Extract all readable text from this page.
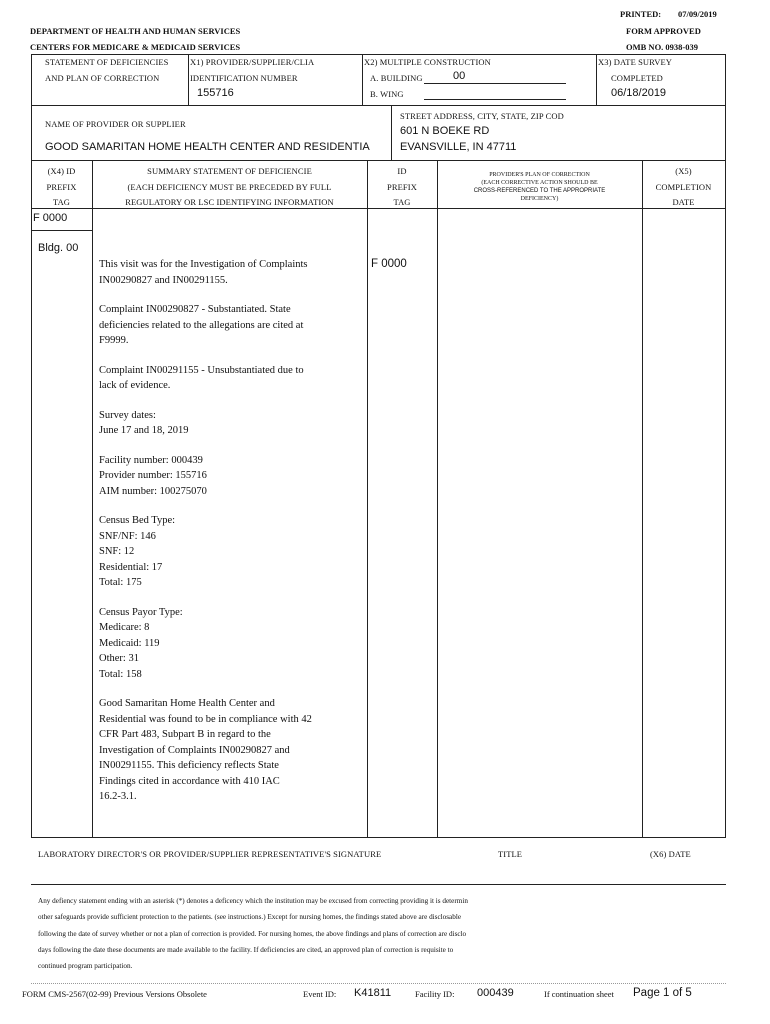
PRINTED: 07/09/2019
FORM APPROVED
OMB NO. 0938-039
DEPARTMENT OF HEALTH AND HUMAN SERVICES
CENTERS FOR MEDICARE & MEDICAID SERVICES
STATEMENT OF DEFICIENCIES
AND PLAN OF CORRECTION
X1) PROVIDER/SUPPLIER/CLIA
IDENTIFICATION NUMBER
155716
X2) MULTIPLE CONSTRUCTION
A. BUILDING	00
B. WING
X3) DATE SURVEY
COMPLETED
06/18/2019
NAME OF PROVIDER OR SUPPLIER
GOOD SAMARITAN HOME HEALTH CENTER AND RESIDENTIA
STREET ADDRESS, CITY, STATE, ZIP COD
601 N BOEKE RD
EVANSVILLE, IN 47711
(X4) ID
PREFIX
TAG
SUMMARY STATEMENT OF DEFICIENCIE
(EACH DEFICIENCY MUST BE PRECEDED BY FULL
REGULATORY OR LSC IDENTIFYING INFORMATION
ID
PREFIX
TAG
PROVIDER'S PLAN OF CORRECTION
(EACH CORRECTIVE ACTION SHOULD BE
CROSS-REFERENCED TO THE APPROPRIATE
DEFICIENCY)
(X5)
COMPLETION
DATE
F 0000
Bldg. 00
F 0000

This visit was for the Investigation of Complaints
IN00290827 and IN00291155.

Complaint IN00290827 - Substantiated. State
deficiencies related to the allegations are cited at
F9999.

Complaint IN00291155 - Unsubstantiated due to
lack of evidence.

Survey dates:
June 17 and 18, 2019

Facility number: 000439
Provider number: 155716
AIM number: 100275070

Census Bed Type:
SNF/NF: 146
SNF: 12
Residential: 17
Total: 175

Census Payor Type:
Medicare: 8
Medicaid: 119
Other: 31
Total: 158

Good Samaritan Home Health Center and
Residential was found to be in compliance with 42
CFR Part 483, Subpart B in regard to the
Investigation of Complaints IN00290827 and
IN00291155. This deficiency reflects State
Findings cited in accordance with 410 IAC
16.2-3.1.

LABORATORY DIRECTOR'S OR PROVIDER/SUPPLIER REPRESENTATIVE'S SIGNATURE	TITLE	(X6) DATE
Any defiency statement ending with an asterisk (*) denotes a deficency which the institution may be excused from correcting providing it is determin
other safeguards provide sufficient protection to the patients. (see instructions.) Except for nursing homes, the findings stated above are disclosable
following the date of survey whether or not a plan of correction is provided. For nursing homes, the above findings and plans of correction are disclo
days following the date these documents are made available to the facility. If deficiencies are cited, an approved plan of correction is requisite to
continued program participation.
FORM CMS-2567(02-99) Previous Versions Obsolete	Event ID: K41811	Facility ID: 000439	If continuation sheet Page 1 of 5
